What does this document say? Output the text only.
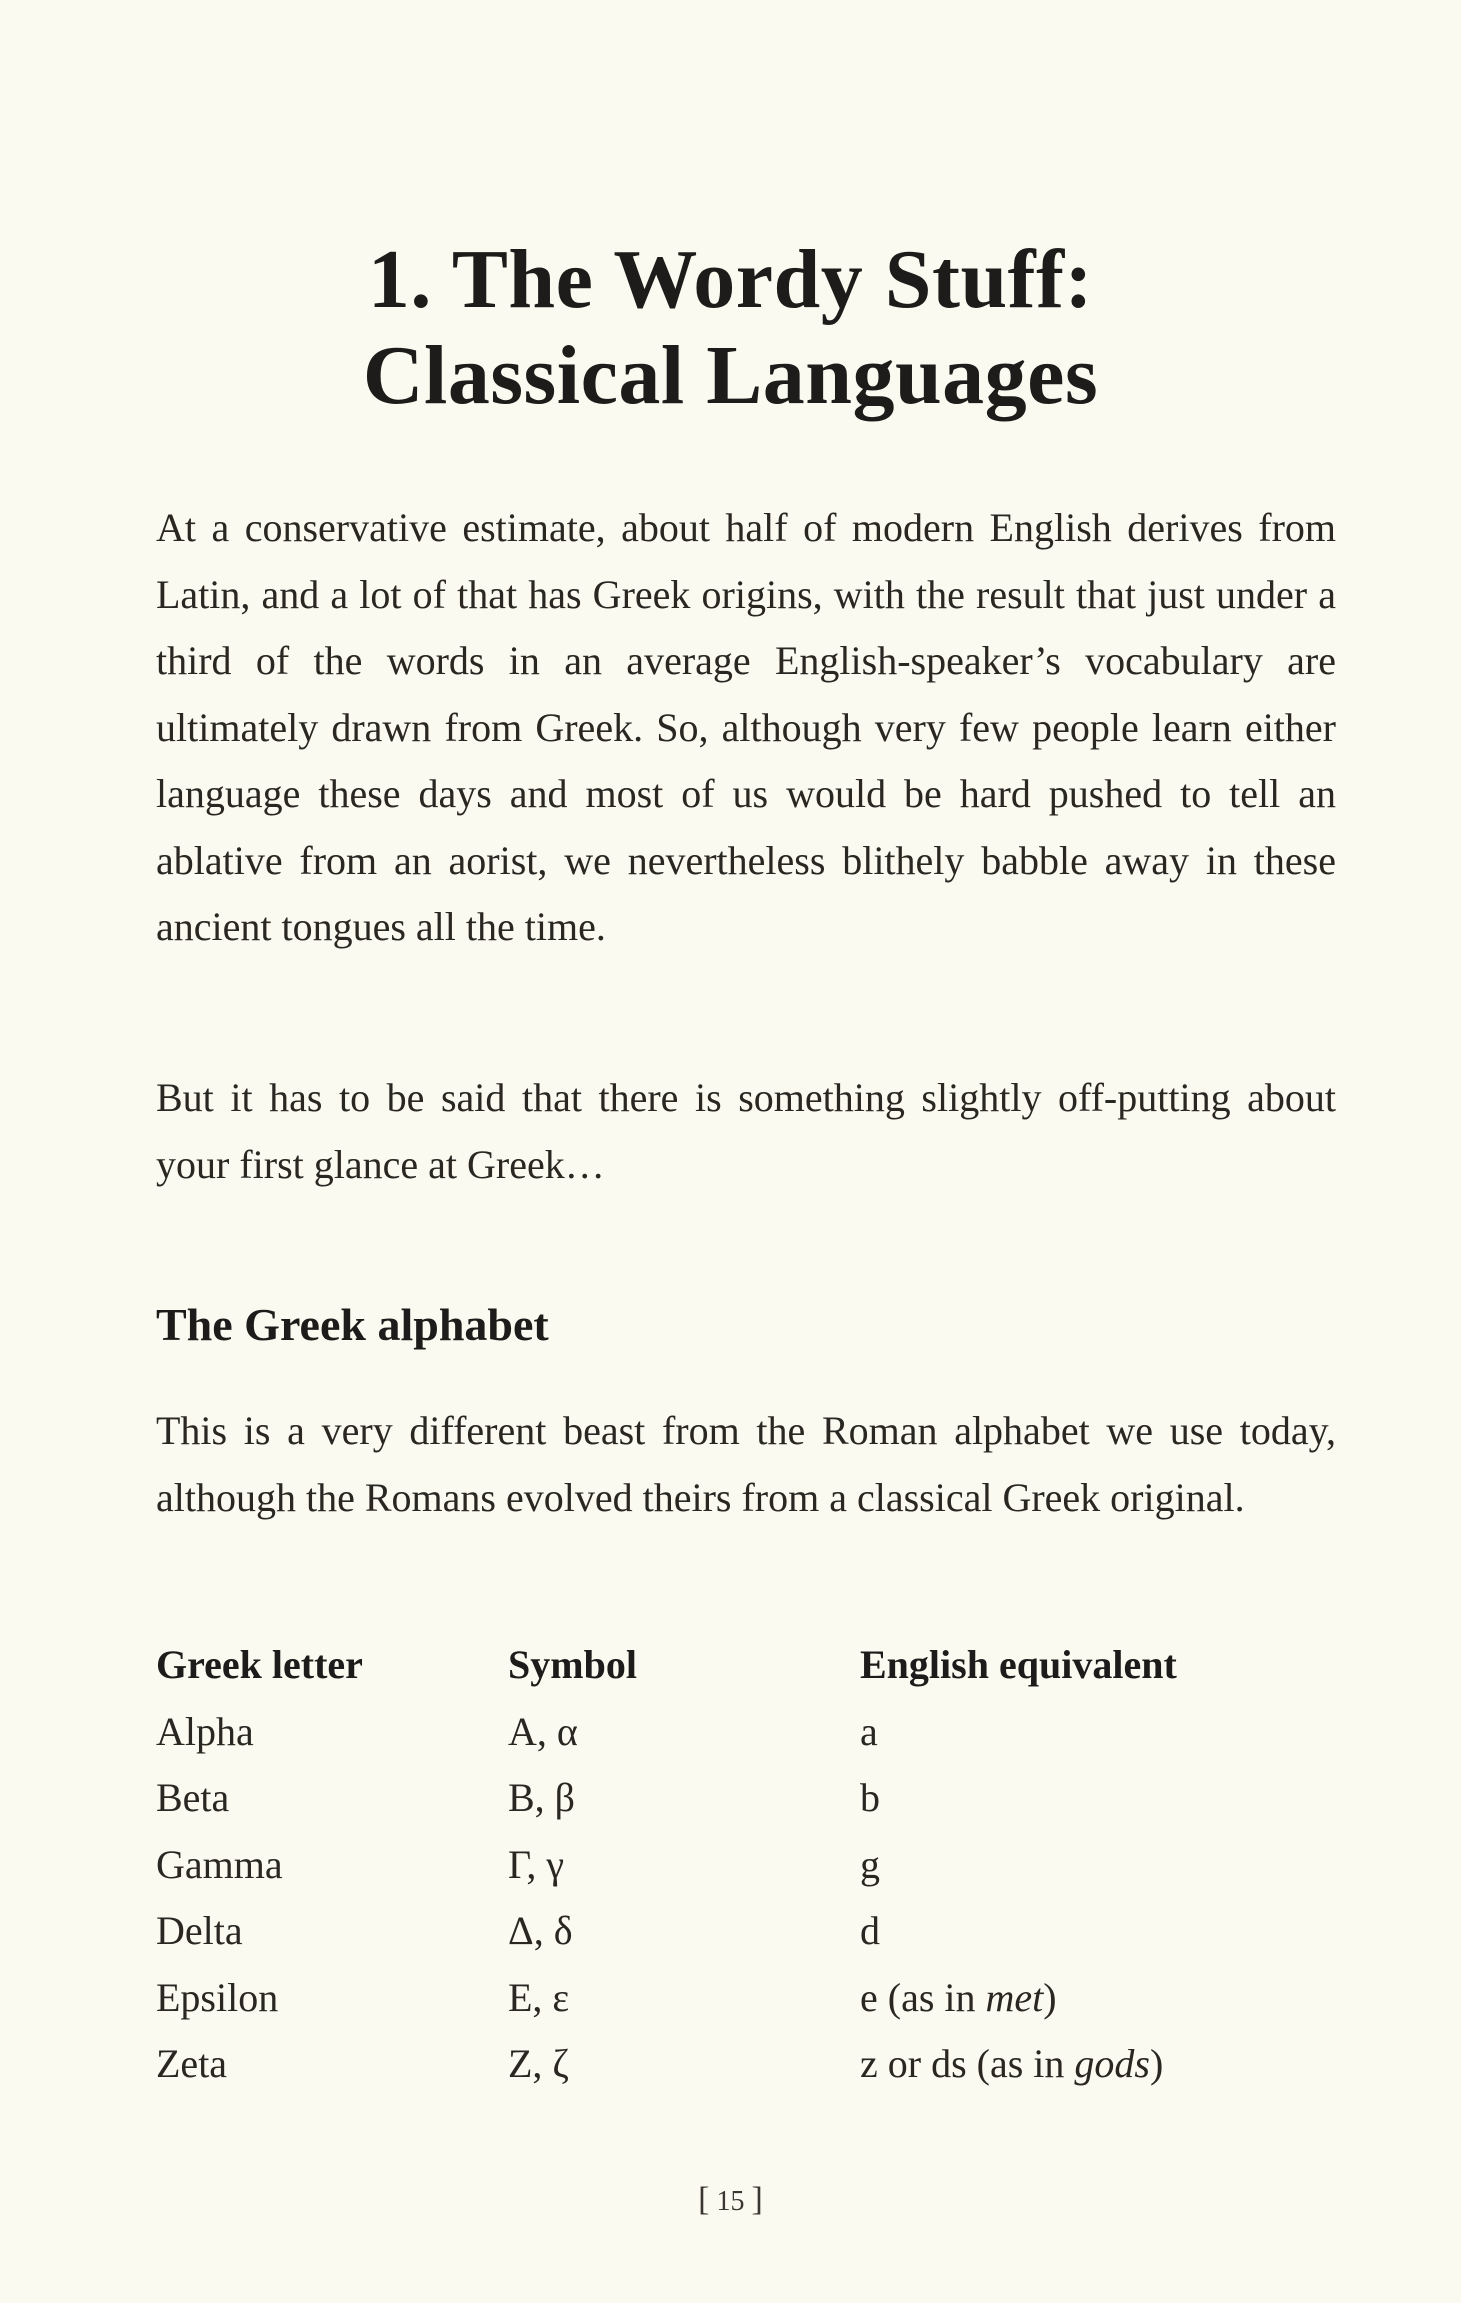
1. The Wordy Stuff:
Classical Languages

At a conservative estimate, about half of modern English derives from Latin, and a lot of that has Greek origins, with the result that just under a third of the words in an average English-speaker’s vocabulary are ultimately drawn from Greek. So, although very few people learn either language these days and most of us would be hard pushed to tell an ablative from an aorist, we nevertheless blithely babble away in these ancient tongues all the time.

But it has to be said that there is something slightly off-putting about your first glance at Greek…

The Greek alphabet

This is a very different beast from the Roman alphabet we use today, although the Romans evolved theirs from a classical Greek original.

Greek letter	Symbol	English equivalent
Alpha	Α, α	a
Beta	Β, β	b
Gamma	Γ, γ	g
Delta	Δ, δ	d
Epsilon	Ε, ε	e (as in met)
Zeta	Ζ, ζ	z or ds (as in gods)
[ 15 ]
